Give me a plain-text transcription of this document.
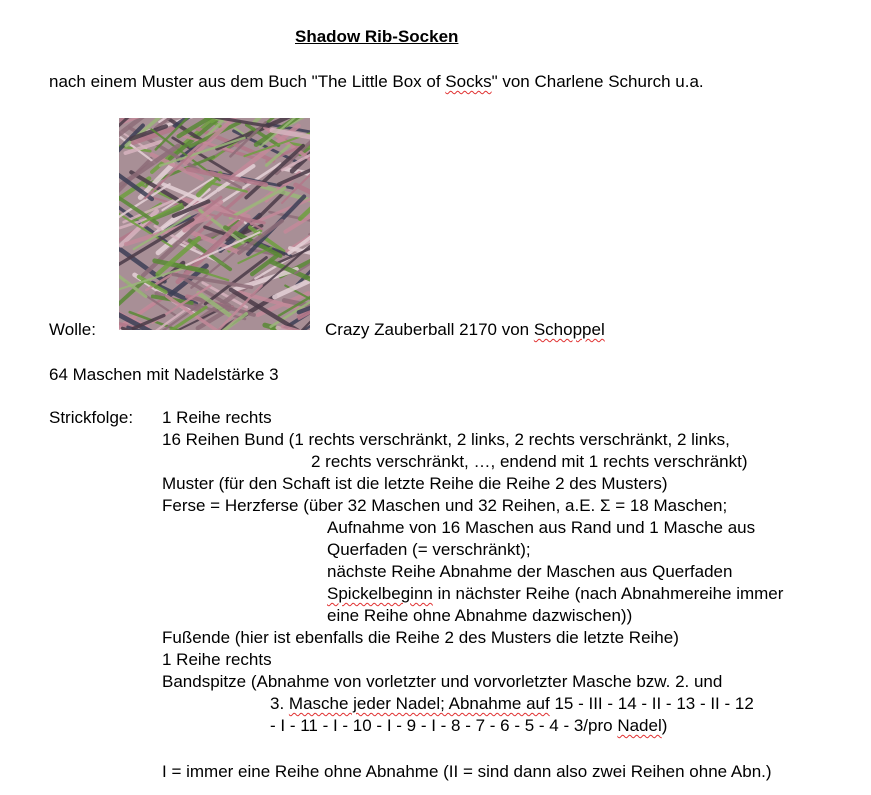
Shadow Rib-Socken
nach einem Muster aus dem Buch "The Little Box of Socks" von Charlene Schurch u.a.
Wolle:	Crazy Zauberball 2170 von Schoppel
64 Maschen mit Nadelstärke 3
Strickfolge: 1 Reihe rechts
16 Reihen Bund (1 rechts verschränkt, 2 links, 2 rechts verschränkt, 2 links,
2 rechts verschränkt, …, endend mit 1 rechts verschränkt)
Muster (für den Schaft ist die letzte Reihe die Reihe 2 des Musters)
Ferse = Herzferse (über 32 Maschen und 32 Reihen, a.E. Σ = 18 Maschen;
Aufnahme von 16 Maschen aus Rand und 1 Masche aus
Querfaden (= verschränkt);
nächste Reihe Abnahme der Maschen aus Querfaden
Spickelbeginn in nächster Reihe (nach Abnahmereihe immer
eine Reihe ohne Abnahme dazwischen))
Fußende (hier ist ebenfalls die Reihe 2 des Musters die letzte Reihe)
1 Reihe rechts
Bandspitze (Abnahme von vorletzter und vorvorletzter Masche bzw. 2. und
3. Masche jeder Nadel; Abnahme auf 15 - III - 14 - II - 13 - II - 12
- I - 11 - I - 10 - I - 9 - I - 8 - 7 - 6 - 5 - 4 - 3/pro Nadel)
I = immer eine Reihe ohne Abnahme (II = sind dann also zwei Reihen ohne Abn.)
